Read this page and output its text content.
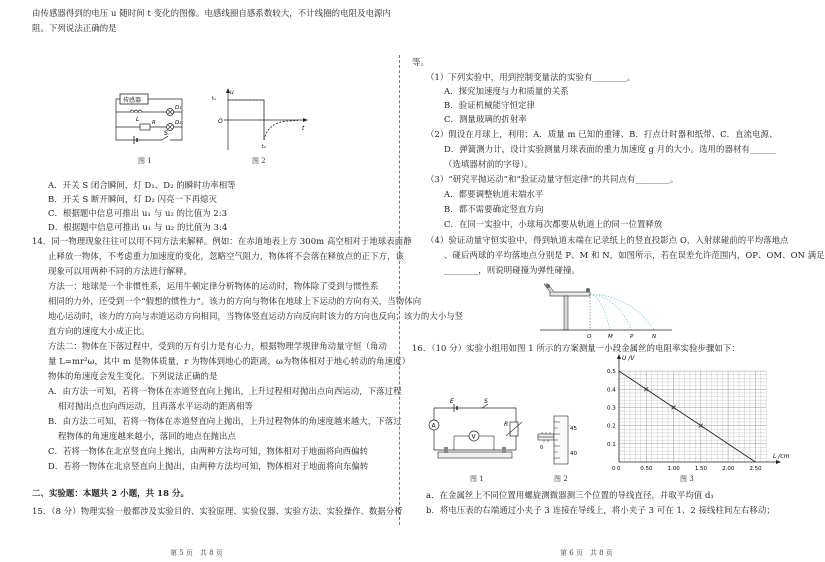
由传感器得到的电压 u 随时间 t 变化的图像。电感线圈自感系数较大，不计线圈的电阻及电源内
阻。下列说法正确的是
传感器
L
D₁
R	D₂
S
图 1
u
O
t
t₁
t₂
图 2
A．开关 S 闭合瞬间，灯 D₁、D₂ 的瞬时功率相等
B．开关 S 断开瞬间，灯 D₂ 闪亮一下再熄灭
C．根据题中信息可推出 u₁ 与 u₂ 的比值为 2:3
D．根据题中信息可推出 u₁ 与 u₂ 的比值为 3:4
14．同一物理现象往往可以用不同方法来解释。例如：在赤道地表上方 300m 高空相对于地球表面静
止释放一物体，不考虑重力加速度的变化，忽略空气阻力，物体将不会落在释放点的正下方，该
现象可以用两种不同的方法进行解释。
方法一：地球是一个非惯性系，运用牛顿定律分析物体的运动时，物体除了受到与惯性系
相同的力外，还受到一个“假想的惯性力”。该力的方向与物体在地球上下运动的方向有关，当物体向
地心运动时，该力的方向与赤道运动方向相同，当物体竖直运动方向反向时该力的方向也反向；该力的大小与竖
直方向的速度大小成正比。
方法二：物体在下落过程中，受到的万有引力是有心力，根据物理学规律角动量守恒（角动
量 L=mr²ω，其中 m 是物体质量，r 为物体到地心的距离，ω为物体相对于地心转动的角速度）
物体的角速度会发生变化。下列说法正确的是
A．由方法一可知，若将一物体在赤道竖直向上抛出，上升过程相对抛出点向西运动，下落过程
相对抛出点也向西运动，且再落水平运动的距离相等
B．由方法二可知，若将一物体在赤道竖直向上抛出，上升过程物体的角速度越来越大，下落过
程物体的角速度越来越小，落回的地点在抛出点
C．若将一物体在北京竖直向上抛出，由两种方法均可知，物体相对于地面将向西偏转
D．若将一物体在北京竖直向上抛出，由两种方法均可知，物体相对于地面将向东偏转
二、实验题：本题共 2 小题，共 18 分。
15．（8 分）物理实验一般都涉及实验目的、实验原理、实验仪器、实验方法、实验操作、数据分析
第 5 页　共 8 页
等。
（1）下列实验中，用到控制变量法的实验有________。
A．探究加速度与力和质量的关系
B．验证机械能守恒定律
C．测量玻璃的折射率
（2）假设在月球上，利用：A．质量 m 已知的重锤、B．打点计时器和纸带、C．直流电源、
D．弹簧测力计，设计实验测量月球表面的重力加速度 g 月的大小。选用的器材有______
（选填器材前的字母）。
（3）“研究平抛运动”和“验证动量守恒定律”的共同点有________。
A．都要调整轨道末端水平
B．都不需要确定竖直方向
C．在同一实验中，小球每次都要从轨道上的同一位置释放
（4）验证动量守恒实验中，得到轨道末端在记录纸上的竖直投影点 O，入射球碰前的平均落地点
、碰后两球的平均落地点分别是 P、M 和 N，如图所示，若在误差允许范围内，OP、OM、ON 满足
________，则说明碰撞为弹性碰撞。
O	M	P	N
16．（10 分）实验小组用如图 1 所示的方案测量一小段金属丝的电阻率实验步骤如下：
E	S
R
A
V
图 1
0
45
40
图 2
0	0.50	1.00	1.50	2.00	2.50
0.5
0.4
0.3
0.2
0.1
0
L /cm
U /V
图 3
a．在金属丝上不同位置用螺旋测微器测三个位置的导线直径，并取平均值 d₁
b．将电压表的右端通过小夹子 3 连接在导线上，将小夹子 3 可在 1、2 接线柱间左右移动；
第 6 页　共 8 页
